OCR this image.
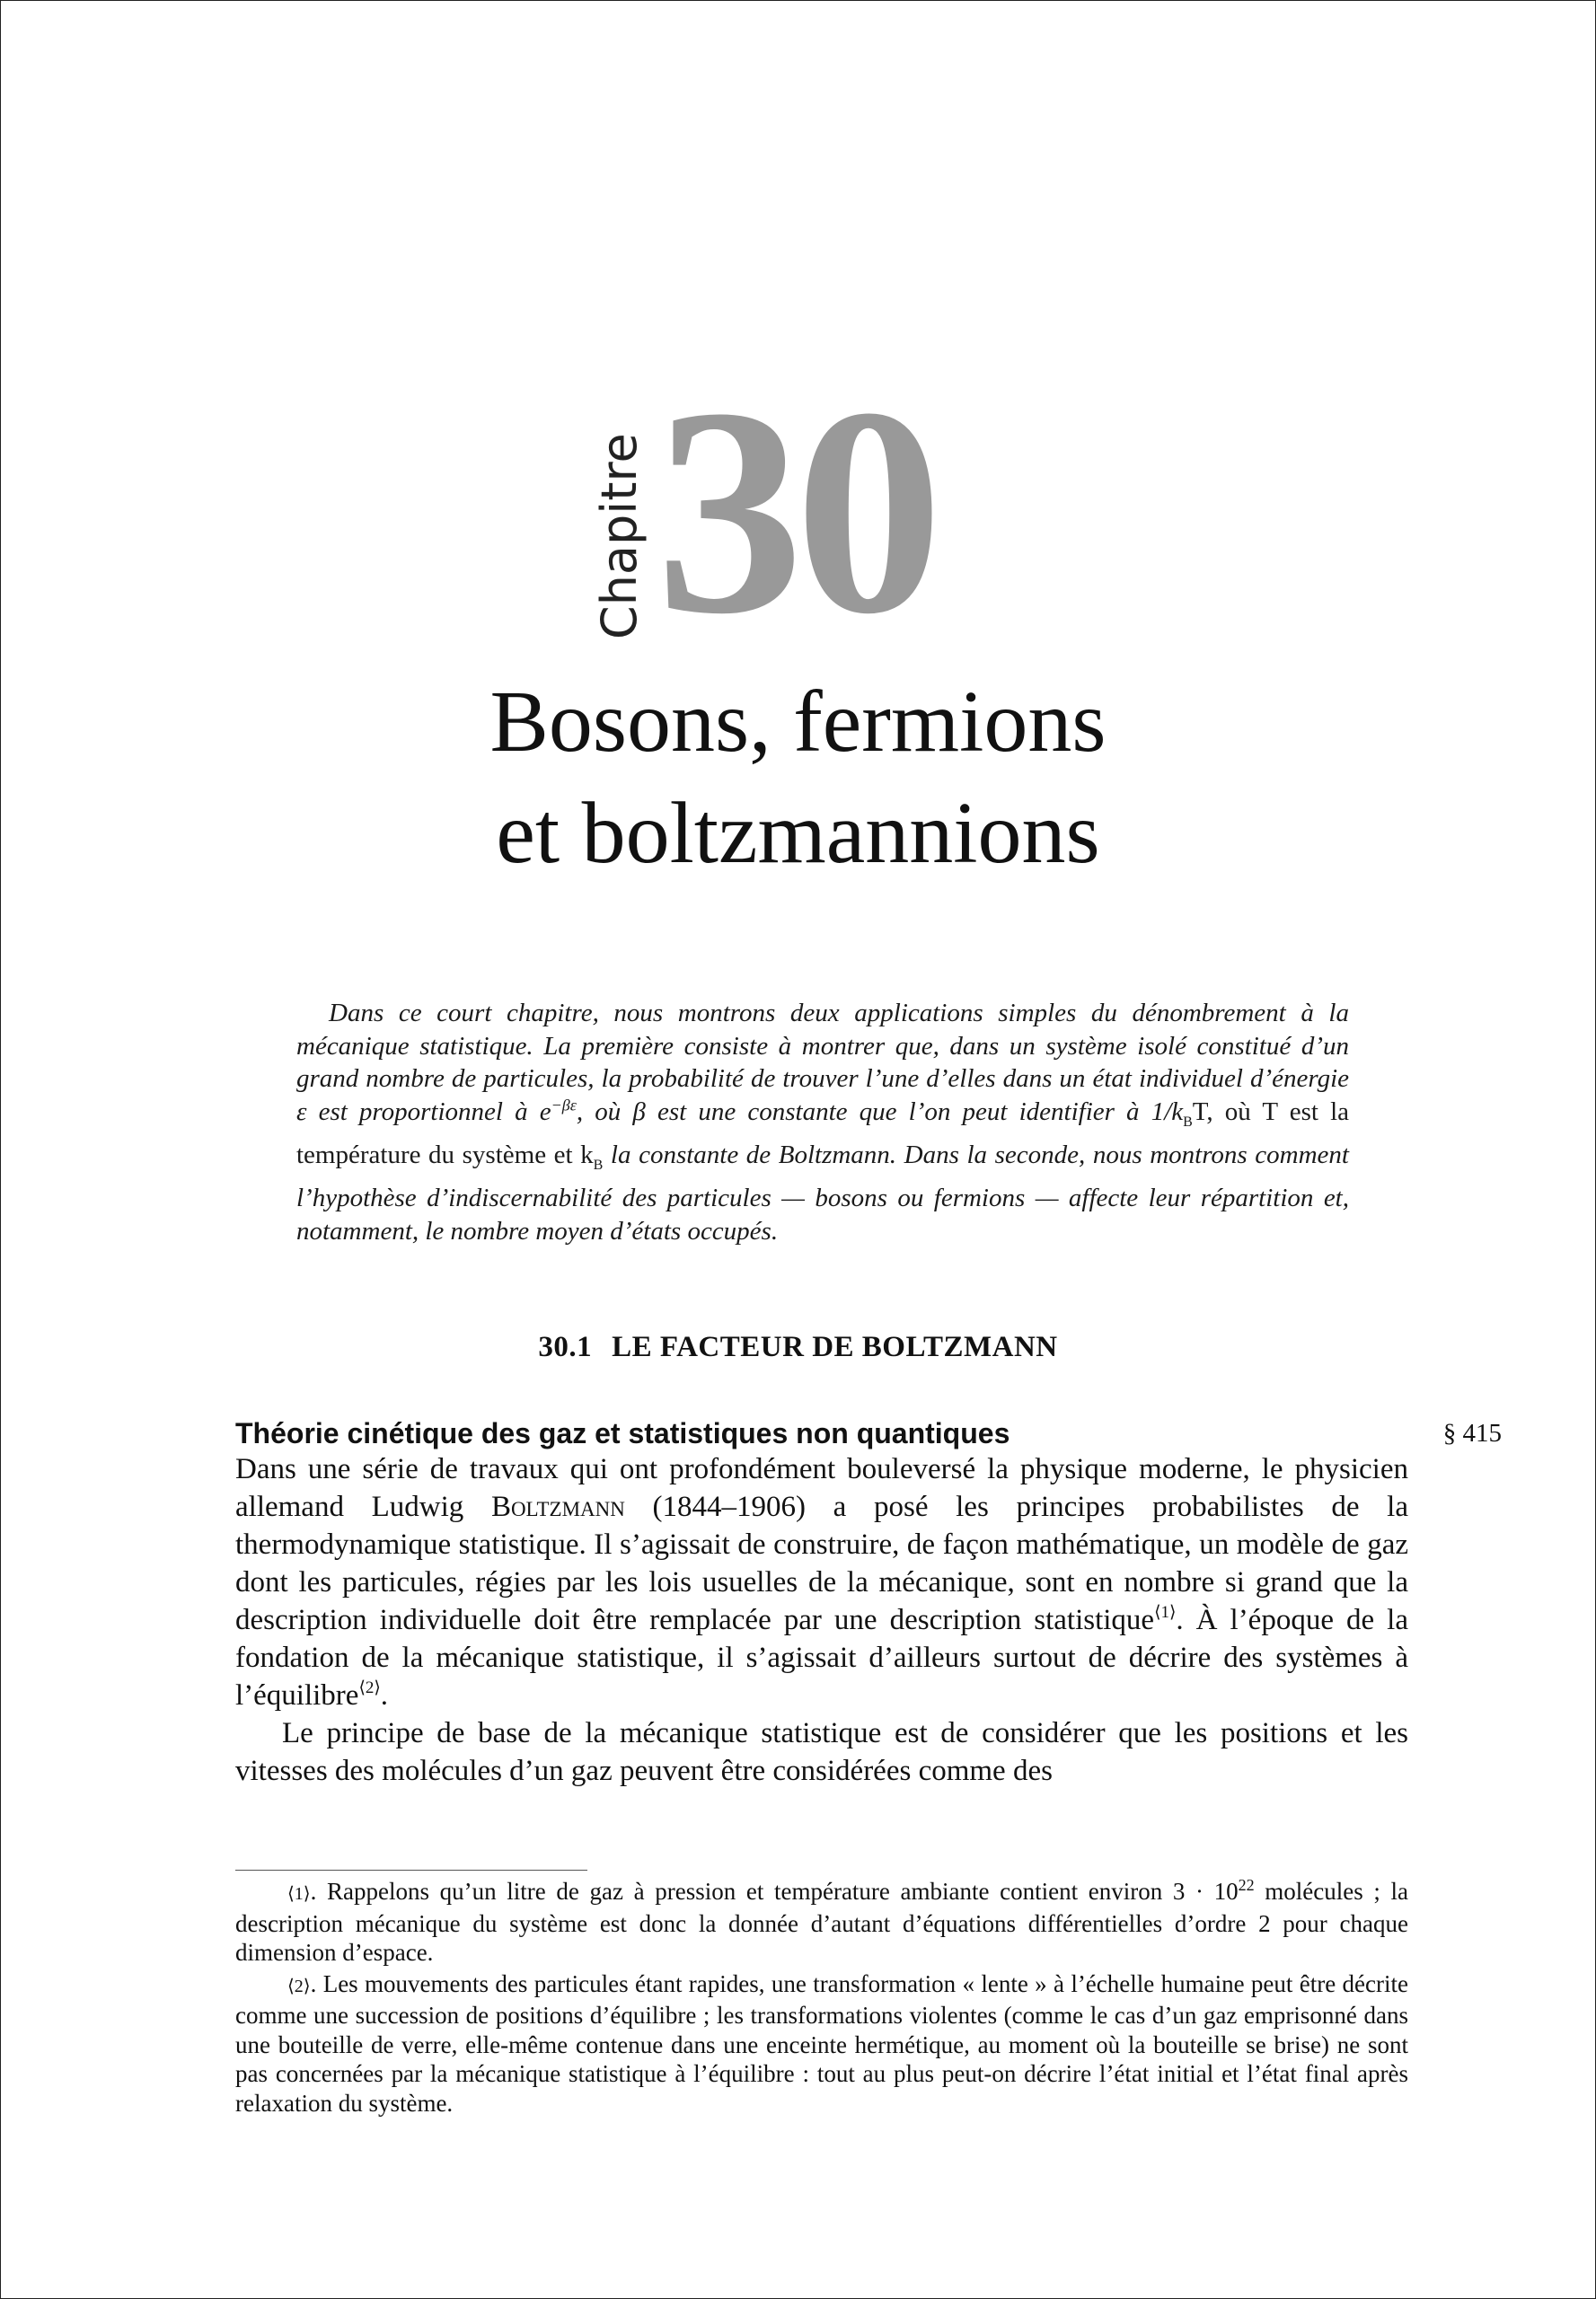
Chapitre 30
Bosons, fermions
et boltzmannions

Dans ce court chapitre, nous montrons deux applications simples du dénombrement à la mécanique statistique. La première consiste à montrer que, dans un système isolé constitué d’un grand nombre de particules, la probabilité de trouver l’une d’elles dans un état individuel d’énergie ε est proportionnel à $e^{-\beta\varepsilon}$, où β est une constante que l’on peut identifier à $1/k_BT$, où T est la température du système et $k_B$ la constante de Boltzmann. Dans la seconde, nous montrons comment l’hypothèse d’indiscernabilité des particules — bosons ou fermions — affecte leur répartition et, notamment, le nombre moyen d’états occupés.

30.1 LE FACTEUR DE BOLTZMANN
Théorie cinétique des gaz et statistiques non quantiques	§ 415

Dans une série de travaux qui ont profondément bouleversé la physique moderne, le physicien allemand Ludwig Boltzmann (1844–1906) a posé les principes probabilistes de la thermodynamique statistique. Il s’agissait de construire, de façon mathématique, un modèle de gaz dont les particules, régies par les lois usuelles de la mécanique, sont en nombre si grand que la description individuelle doit être remplacée par une description statistique$^{⟨1⟩}$. À l’époque de la fondation de la mécanique statistique, il s’agissait d’ailleurs surtout de décrire des systèmes à l’équilibre$^{⟨2⟩}$.

Le principe de base de la mécanique statistique est de considérer que les positions et les vitesses des molécules d’un gaz peuvent être considérées comme des

⟨1⟩. Rappelons qu’un litre de gaz à pression et température ambiante contient environ $3 \cdot 10^{22}$ molécules ; la description mécanique du système est donc la donnée d’autant d’équations différentielles d’ordre 2 pour chaque dimension d’espace.

⟨2⟩. Les mouvements des particules étant rapides, une transformation « lente » à l’échelle humaine peut être décrite comme une succession de positions d’équilibre ; les transformations violentes (comme le cas d’un gaz emprisonné dans une bouteille de verre, elle-même contenue dans une enceinte hermétique, au moment où la bouteille se brise) ne sont pas concernées par la mécanique statistique à l’équilibre : tout au plus peut-on décrire l’état initial et l’état final après relaxation du système.
